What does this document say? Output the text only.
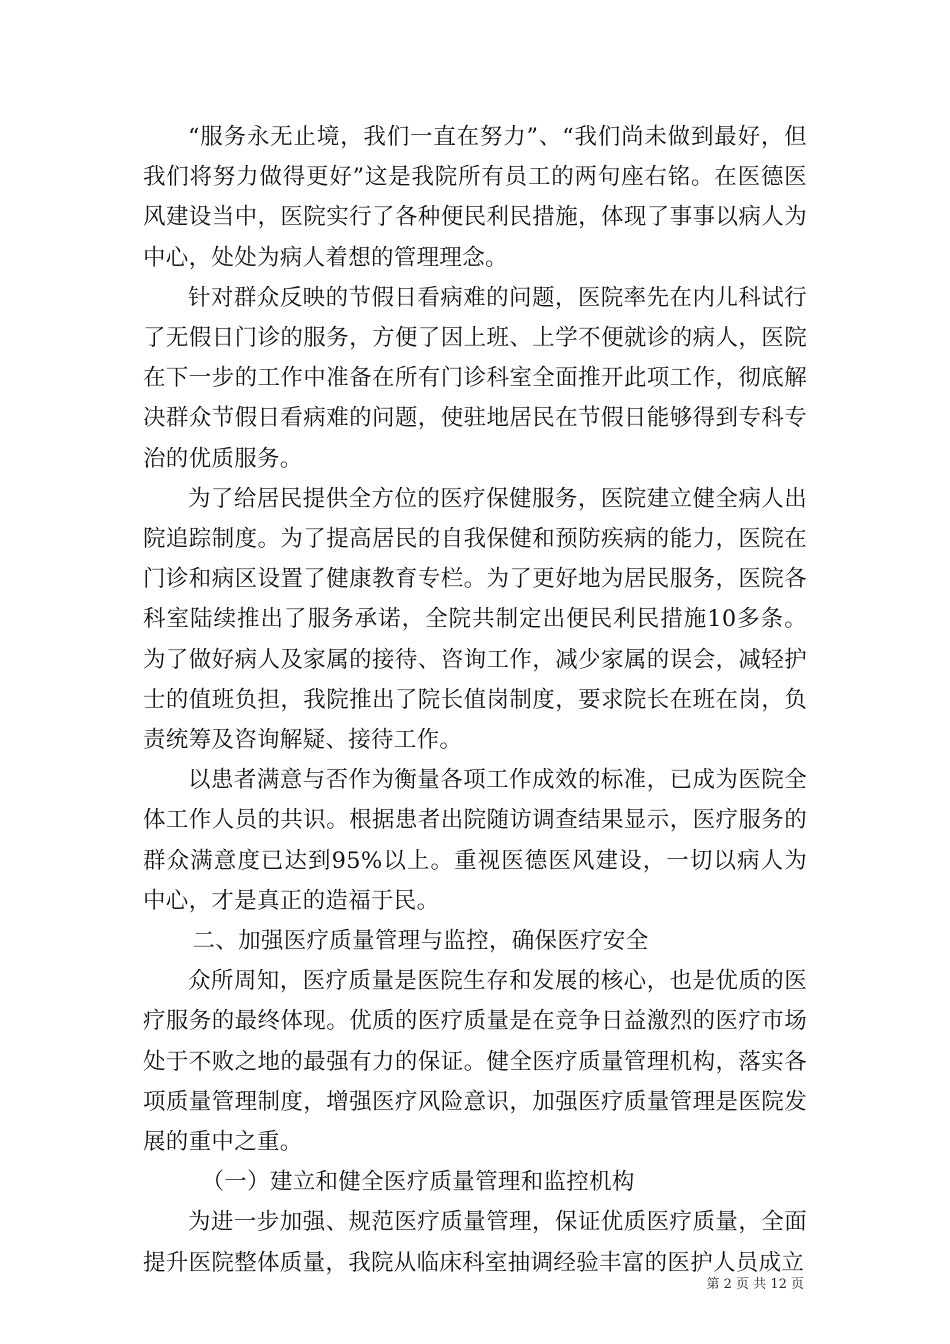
“服务永无止境，我们一直在努力”、“我们尚未做到最好，但我们将努力做得更好”这是我院所有员工的两句座右铭。在医德医风建设当中，医院实行了各种便民利民措施，体现了事事以病人为中心，处处为病人着想的管理理念。

针对群众反映的节假日看病难的问题，医院率先在内儿科试行了无假日门诊的服务，方便了因上班、上学不便就诊的病人，医院在下一步的工作中准备在所有门诊科室全面推开此项工作，彻底解决群众节假日看病难的问题，使驻地居民在节假日能够得到专科专治的优质服务。

为了给居民提供全方位的医疗保健服务，医院建立健全病人出院追踪制度。为了提高居民的自我保健和预防疾病的能力，医院在门诊和病区设置了健康教育专栏。为了更好地为居民服务，医院各科室陆续推出了服务承诺，全院共制定出便民利民措施10多条。为了做好病人及家属的接待、咨询工作，减少家属的误会，减轻护士的值班负担，我院推出了院长值岗制度，要求院长在班在岗，负责统筹及咨询解疑、接待工作。

以患者满意与否作为衡量各项工作成效的标准，已成为医院全体工作人员的共识。根据患者出院随访调查结果显示，医疗服务的群众满意度已达到95%以上。重视医德医风建设，一切以病人为中心，才是真正的造福于民。

二、加强医疗质量管理与监控，确保医疗安全

众所周知，医疗质量是医院生存和发展的核心，也是优质的医疗服务的最终体现。优质的医疗质量是在竞争日益激烈的医疗市场处于不败之地的最强有力的保证。健全医疗质量管理机构，落实各项质量管理制度，增强医疗风险意识，加强医疗质量管理是医院发展的重中之重。

（一）建立和健全医疗质量管理和监控机构

为进一步加强、规范医疗质量管理，保证优质医疗质量，全面提升医院整体质量，我院从临床科室抽调经验丰富的医护人员成立

第 2 页 共 12 页
